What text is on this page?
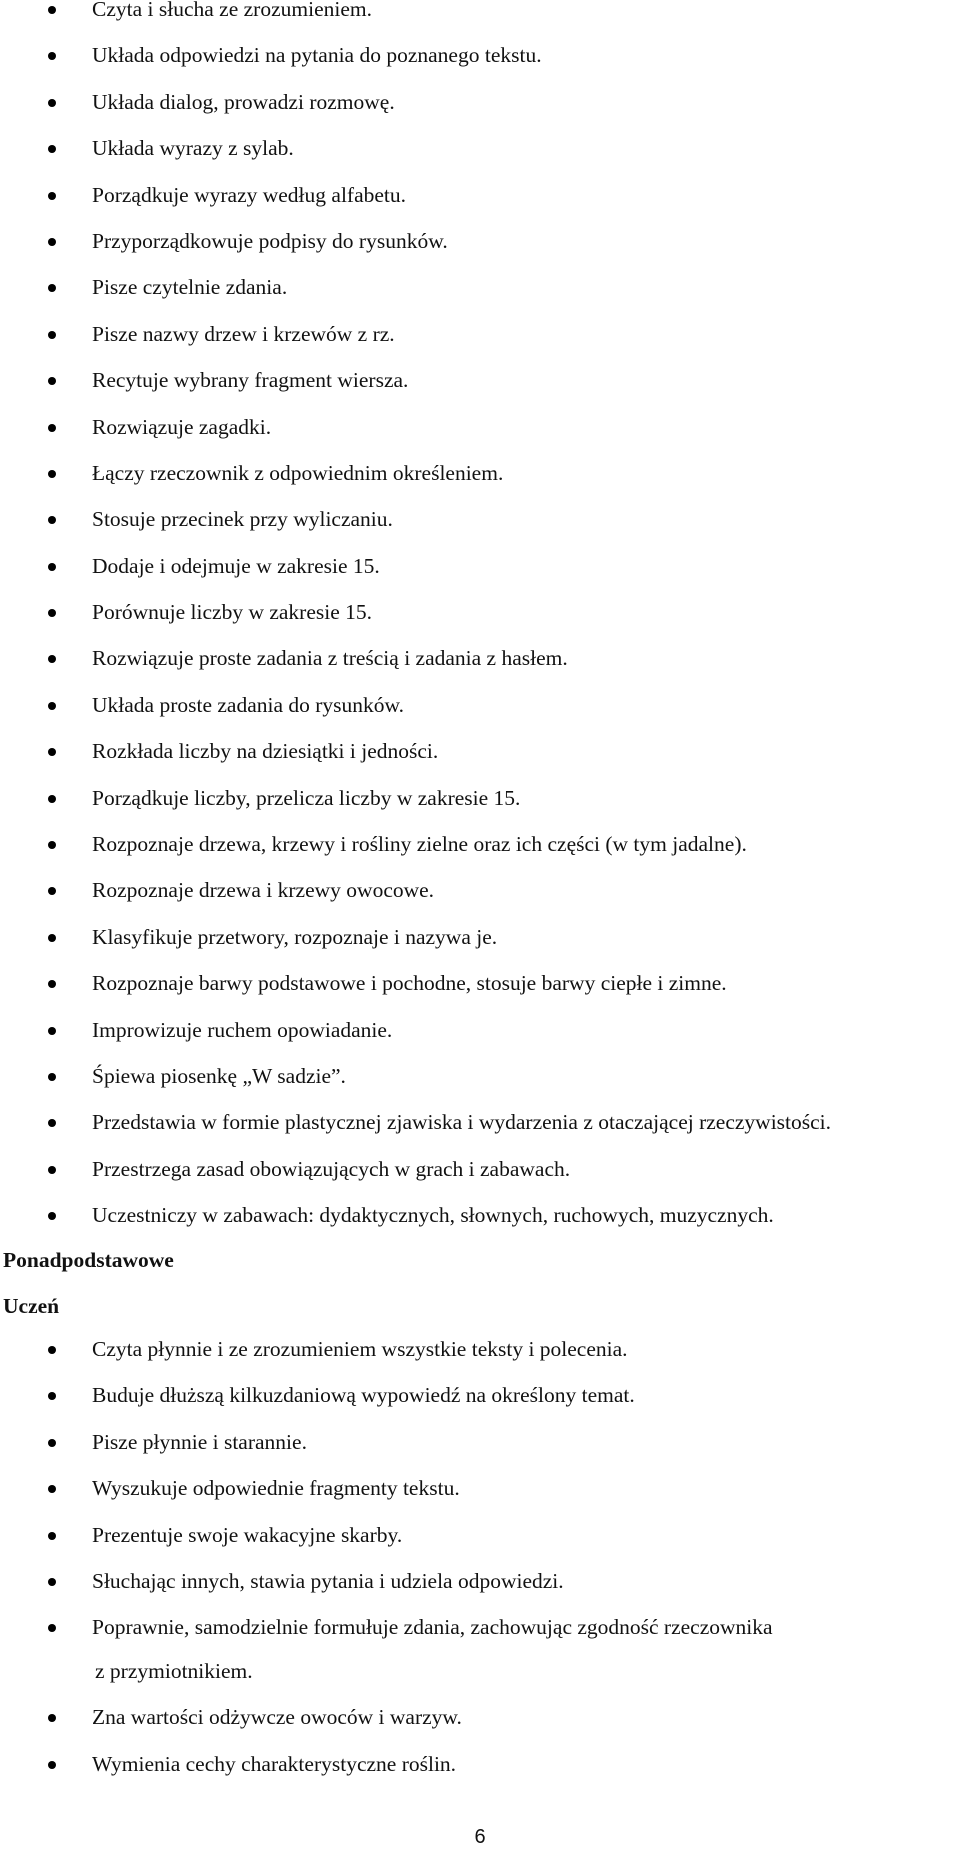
Czyta i słucha ze zrozumieniem.
Układa odpowiedzi na pytania do poznanego tekstu.
Układa dialog, prowadzi rozmowę.
Układa wyrazy z sylab.
Porządkuje wyrazy według alfabetu.
Przyporządkowuje podpisy do rysunków.
Pisze czytelnie zdania.
Pisze nazwy drzew i krzewów z rz.
Recytuje wybrany fragment wiersza.
Rozwiązuje zagadki.
Łączy rzeczownik z odpowiednim określeniem.
Stosuje przecinek przy wyliczaniu.
Dodaje i odejmuje w zakresie 15.
Porównuje liczby w zakresie 15.
Rozwiązuje proste zadania z treścią i zadania z hasłem.
Układa proste zadania do rysunków.
Rozkłada liczby na dziesiątki i jedności.
Porządkuje liczby, przelicza liczby w zakresie 15.
Rozpoznaje drzewa, krzewy i rośliny zielne oraz ich części (w tym jadalne).
Rozpoznaje drzewa i krzewy owocowe.
Klasyfikuje przetwory, rozpoznaje i nazywa je.
Rozpoznaje barwy podstawowe i pochodne, stosuje barwy ciepłe i zimne.
Improwizuje ruchem opowiadanie.
Śpiewa piosenkę „W sadzie”.
Przedstawia w formie plastycznej zjawiska i wydarzenia z otaczającej rzeczywistości.
Przestrzega zasad obowiązujących w grach i zabawach.
Uczestniczy w zabawach: dydaktycznych, słownych, ruchowych, muzycznych.
Ponadpodstawowe
Uczeń
Czyta płynnie i ze zrozumieniem wszystkie teksty i polecenia.
Buduje dłuższą kilkuzdaniową wypowiedź na określony temat.
Pisze płynnie i starannie.
Wyszukuje odpowiednie fragmenty tekstu.
Prezentuje swoje wakacyjne skarby.
Słuchając innych, stawia pytania i udziela odpowiedzi.
Poprawnie, samodzielnie formułuje zdania, zachowując zgodność rzeczownika
z przymiotnikiem.
Zna wartości odżywcze owoców i warzyw.
Wymienia cechy charakterystyczne roślin.
6
